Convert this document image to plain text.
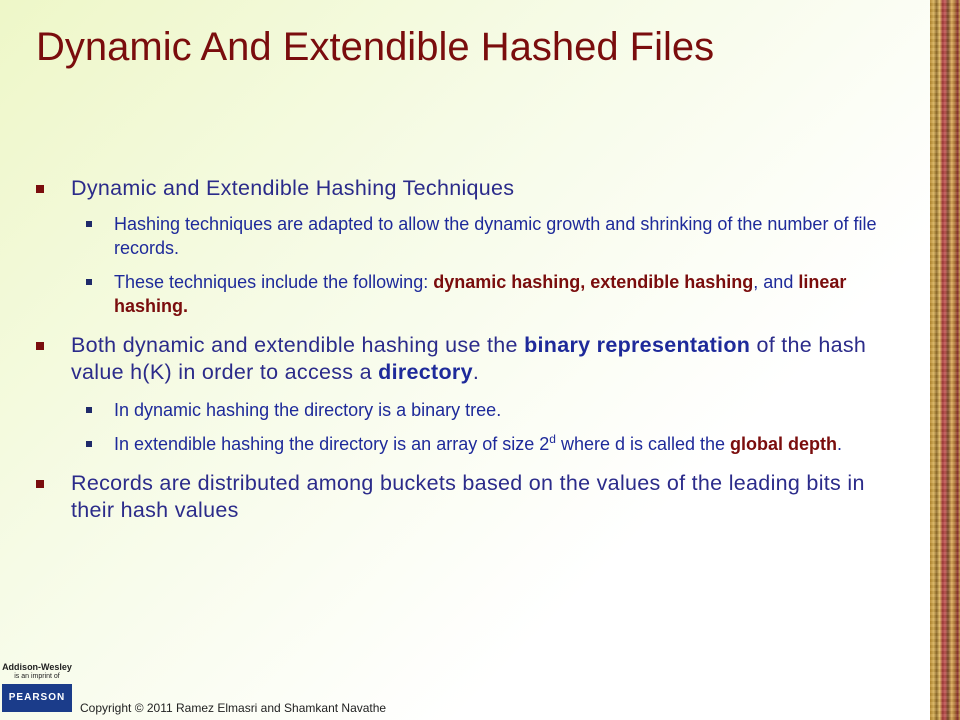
Dynamic And Extendible Hashed Files
Dynamic and Extendible Hashing Techniques
Hashing techniques are adapted to allow the dynamic growth and shrinking of the number of file records.
These techniques include the following: dynamic hashing, extendible hashing, and linear hashing.
Both dynamic and extendible hashing use the binary representation of the hash value h(K) in order to access a directory.
In dynamic hashing the directory is a binary tree.
In extendible hashing the directory is an array of size 2$^d$ where d is called the global depth.
Records are distributed among buckets based on the values of the leading bits in their hash values
Addison-Wesley
is an imprint of
PEARSON
Copyright © 2011 Ramez Elmasri and Shamkant Navathe
